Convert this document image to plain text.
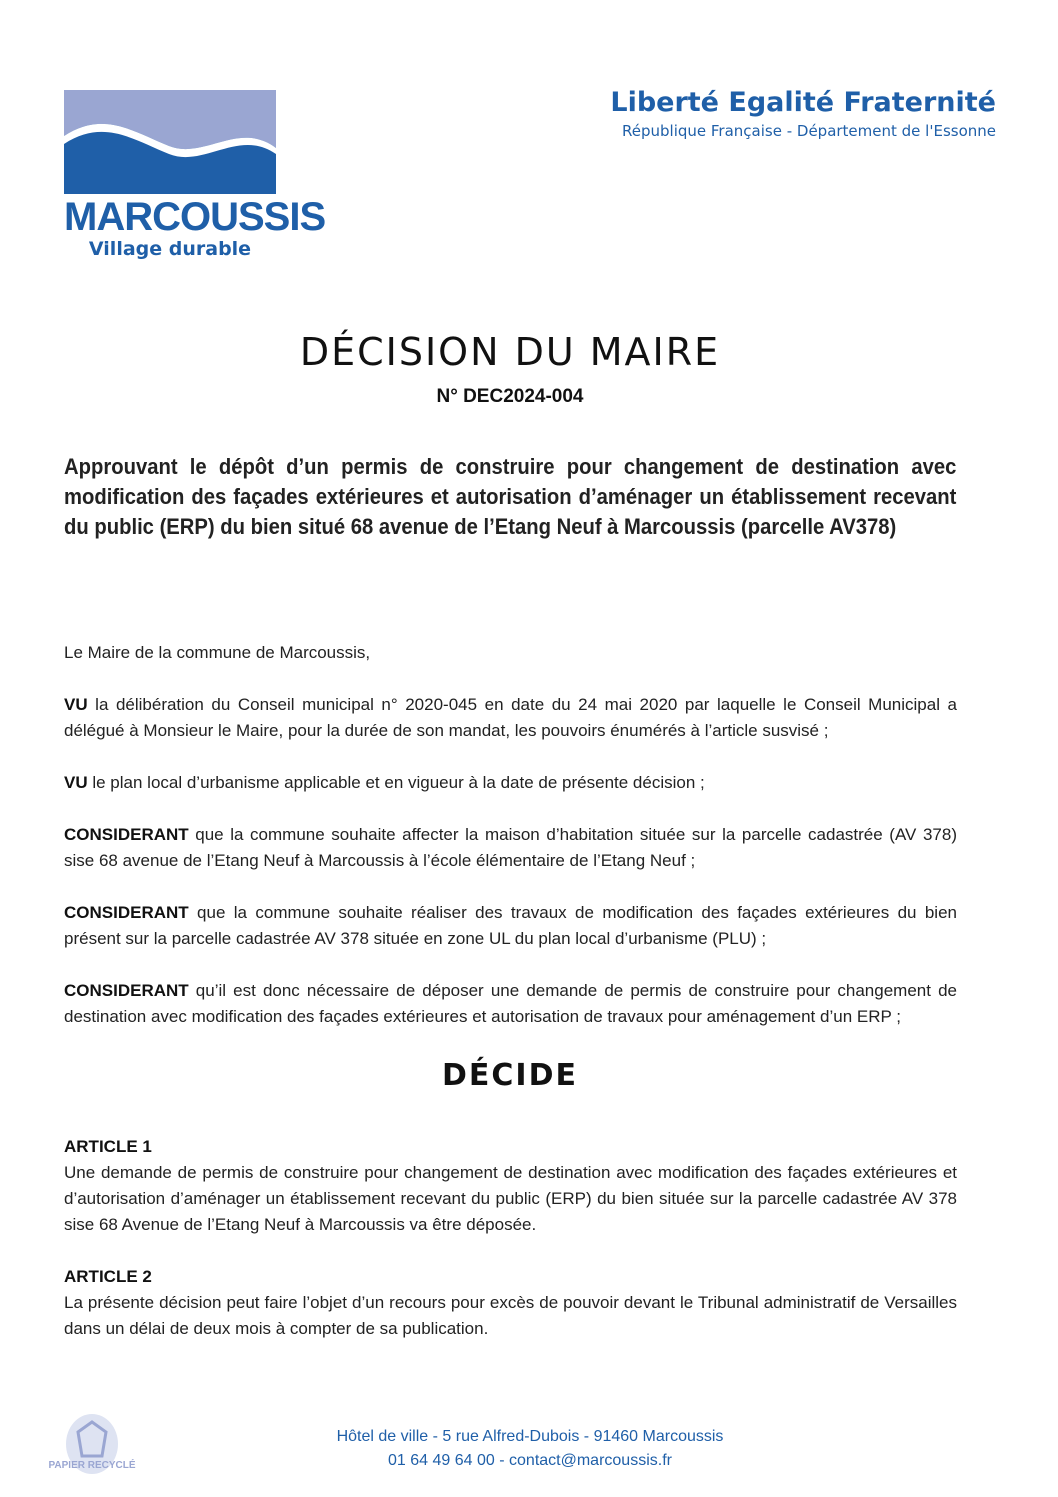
MARCOUSSIS
Village durable
Liberté Egalité Fraternité
République Française - Département de l'Essonne
DÉCISION DU MAIRE
N° DEC2024-004
Approuvant le dépôt d’un permis de construire pour changement de destination avec modification des façades extérieures et autorisation d’aménager un établissement recevant du public (ERP) du bien situé 68 avenue de l’Etang Neuf à Marcoussis (parcelle AV378)

Le Maire de la commune de Marcoussis,

VU la délibération du Conseil municipal n° 2020-045 en date du 24 mai 2020 par laquelle le Conseil Municipal a délégué à Monsieur le Maire, pour la durée de son mandat, les pouvoirs énumérés à l’article susvisé ;

VU le plan local d’urbanisme applicable et en vigueur à la date de présente décision ;

CONSIDERANT que la commune souhaite affecter la maison d’habitation située sur la parcelle cadastrée (AV 378) sise 68 avenue de l’Etang Neuf à Marcoussis à l’école élémentaire de l’Etang Neuf ;

CONSIDERANT que la commune souhaite réaliser des travaux de modification des façades extérieures du bien présent sur la parcelle cadastrée AV 378 située en zone UL du plan local d’urbanisme (PLU) ;

CONSIDERANT qu’il est donc nécessaire de déposer une demande de permis de construire pour changement de destination avec modification des façades extérieures et autorisation de travaux pour aménagement d’un ERP ;

DÉCIDE
ARTICLE 1

Une demande de permis de construire pour changement de destination avec modification des façades extérieures et d’autorisation d’aménager un établissement recevant du public (ERP) du bien située sur la parcelle cadastrée AV 378 sise 68 Avenue de l’Etang Neuf à Marcoussis va être déposée.

ARTICLE 2

La présente décision peut faire l’objet d’un recours pour excès de pouvoir devant le Tribunal administratif de Versailles dans un délai de deux mois à compter de sa publication.

PAPIER RECYCLÉ
Hôtel de ville - 5 rue Alfred-Dubois - 91460 Marcoussis
01 64 49 64 00 - contact@marcoussis.fr
